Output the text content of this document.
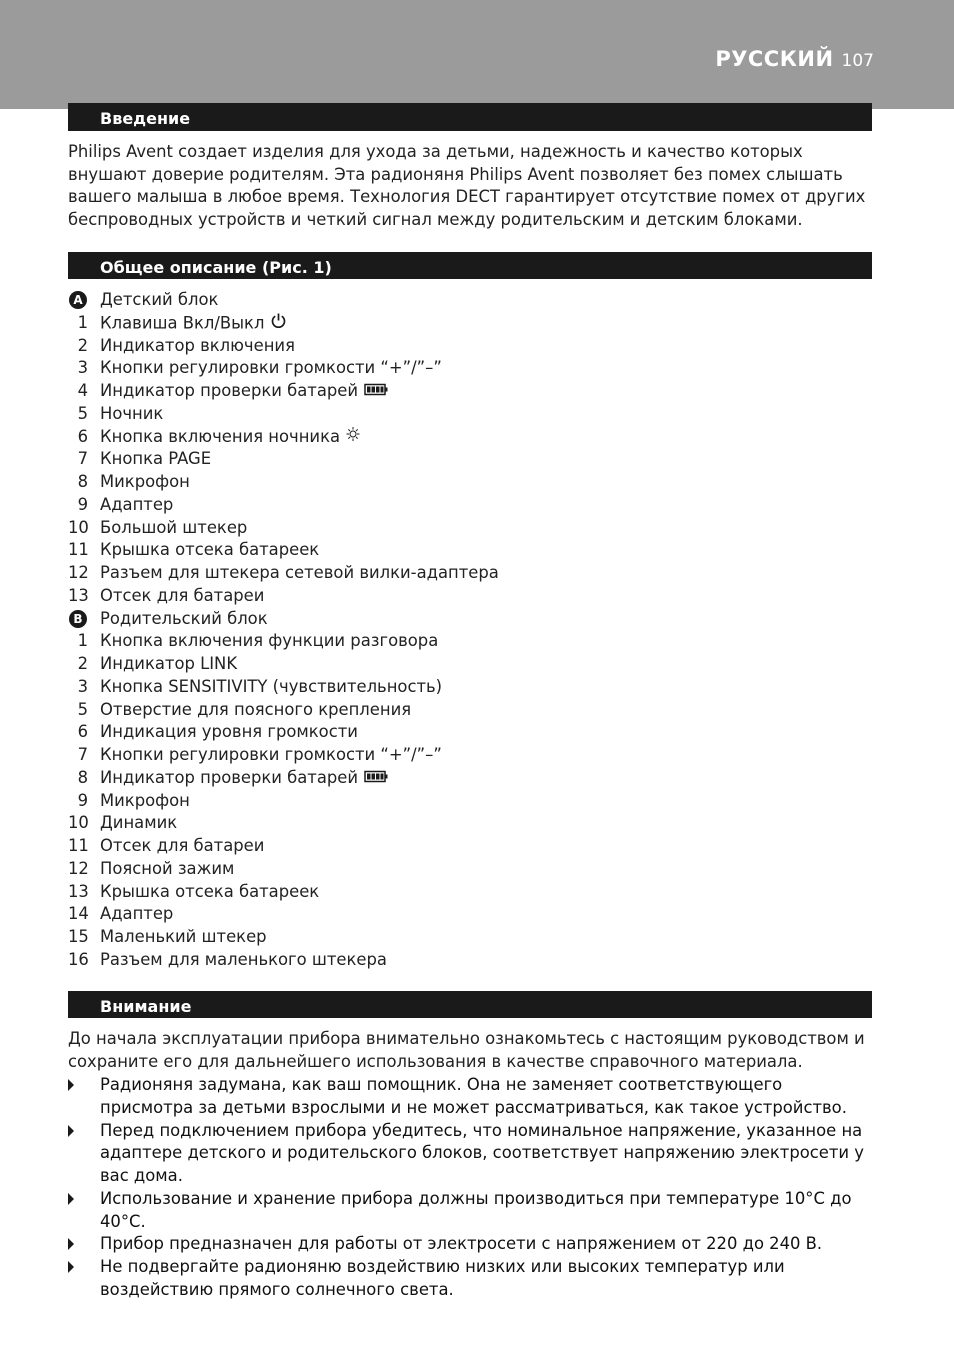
РУССКИЙ 107
Введение
Philips Avent создает изделия для ухода за детьми, надежность и качество которых внушают доверие родителям. Эта радионяня Philips Avent позволяет без помех слышать вашего малыша в любое время. Технология DECT гарантирует отсутствие помех от других беспроводных устройств и четкий сигнал между родительским и детским блоками.
Общее описание (Рис. 1)
A Детский блок
1 Клавиша Вкл/Выкл
2 Индикатор включения
3 Кнопки регулировки громкости “+”/”–”
4 Индикатор проверки батарей
5 Ночник
6 Кнопка включения ночника
7 Кнопка PAGE
8 Микрофон
9 Адаптер
10 Большой штекер
11 Крышка отсека батареек
12 Разъем для штекера сетевой вилки-адаптера
13 Отсек для батареи
B Родительский блок
1 Кнопка включения функции разговора
2 Индикатор LINK
3 Кнопка SENSITIVITY (чувствительность)
5 Отверстие для поясного крепления
6 Индикация уровня громкости
7 Кнопки регулировки громкости “+”/”–”
8 Индикатор проверки батарей
9 Микрофон
10 Динамик
11 Отсек для батареи
12 Поясной зажим
13 Крышка отсека батареек
14 Адаптер
15 Маленький штекер
16 Разъем для маленького штекера
Внимание
До начала эксплуатации прибора внимательно ознакомьтесь с настоящим руководством и сохраните его для дальнейшего использования в качестве справочного материала.
Радионяня задумана, как ваш помощник. Она не заменяет соответствующего присмотра за детьми взрослыми и не может рассматриваться, как такое устройство.
Перед подключением прибора убедитесь, что номинальное напряжение, указанное на адаптере детского и родительского блоков, соответствует напряжению электросети у вас дома.
Использование и хранение прибора должны производиться при температуре 10°C до 40°C.
Прибор предназначен для работы от электросети с напряжением от 220 до 240 В.
Не подвергайте радионяню воздействию низких или высоких температур или воздействию прямого солнечного света.
